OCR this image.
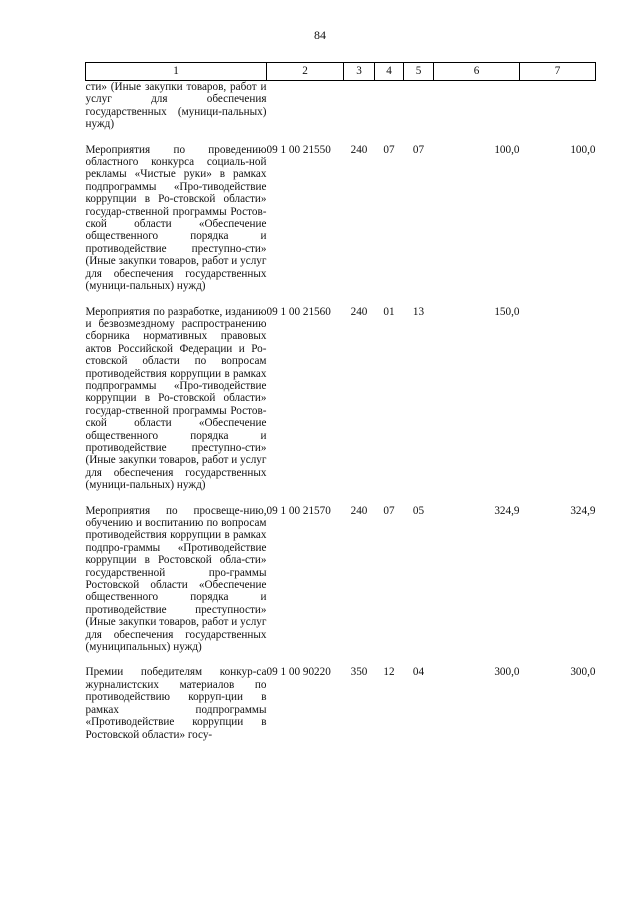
84
1	2	3	4	5	6	7
сти» (Иные закупки товаров, работ и услуг для обеспечения государственных (муници-пальных) нужд)						
Мероприятия по проведению областного конкурса социаль-ной рекламы «Чистые руки» в рамках подпрограммы «Про-тиводействие коррупции в Ро-стовской области» государ-ственной программы Ростов-ской области «Обеспечение общественного порядка и противодействие преступно-сти» (Иные закупки товаров, работ и услуг для обеспечения государственных (муници-пальных) нужд)	09 1 00 21550	240	07	07	100,0	100,0
Мероприятия по разработке, изданию и безвозмездному распространению сборника нормативных правовых актов Российской Федерации и Ро-стовской области по вопросам противодействия коррупции в рамках подпрограммы «Про-тиводействие коррупции в Ро-стовской области» государ-ственной программы Ростов-ской области «Обеспечение общественного порядка и противодействие преступно-сти» (Иные закупки товаров, работ и услуг для обеспечения государственных (муници-пальных) нужд)	09 1 00 21560	240	01	13	150,0	
Мероприятия по просвеще-нию, обучению и воспитанию по вопросам противодействия коррупции в рамках подпро-граммы «Противодействие коррупции в Ростовской обла-сти» государственной про-граммы Ростовской области «Обеспечение общественного порядка и противодействие преступности» (Иные закупки товаров, работ и услуг для обеспечения государственных (муниципальных) нужд)	09 1 00 21570	240	07	05	324,9	324,9
Премии победителям конкур-са журналистских материалов по противодействию корруп-ции в рамках подпрограммы «Противодействие коррупции в Ростовской области» госу-	09 1 00 90220	350	12	04	300,0	300,0
